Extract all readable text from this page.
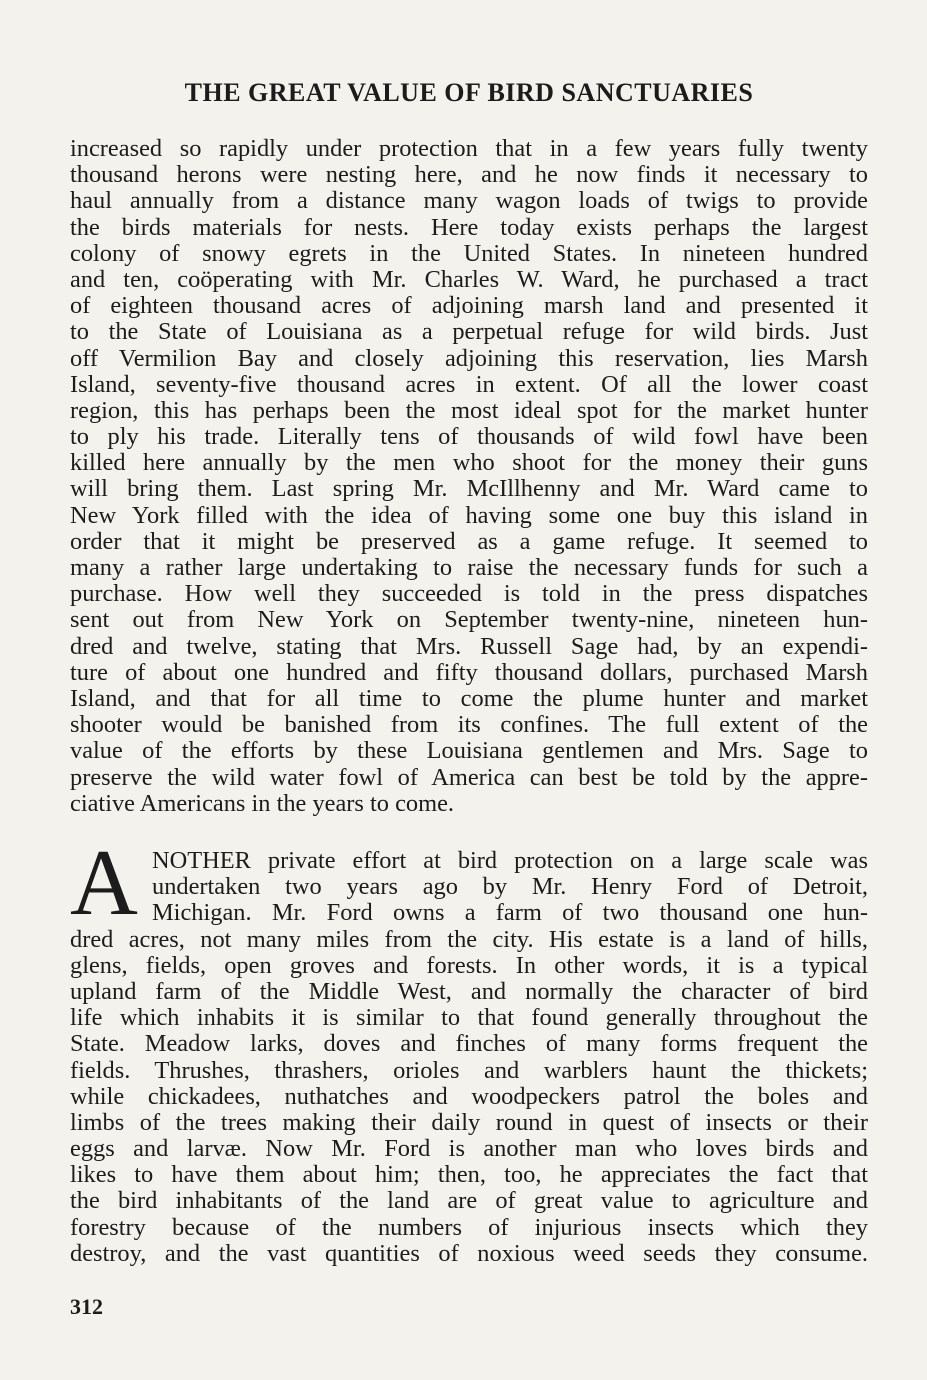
THE GREAT VALUE OF BIRD SANCTUARIES
increased so rapidly under protection that in a few years fully twenty
thousand herons were nesting here, and he now finds it necessary to
haul annually from a distance many wagon loads of twigs to provide
the birds materials for nests. Here today exists perhaps the largest
colony of snowy egrets in the United States. In nineteen hundred
and ten, coöperating with Mr. Charles W. Ward, he purchased a tract
of eighteen thousand acres of adjoining marsh land and presented it
to the State of Louisiana as a perpetual refuge for wild birds. Just
off Vermilion Bay and closely adjoining this reservation, lies Marsh
Island, seventy-five thousand acres in extent. Of all the lower coast
region, this has perhaps been the most ideal spot for the market hunter
to ply his trade. Literally tens of thousands of wild fowl have been
killed here annually by the men who shoot for the money their guns
will bring them. Last spring Mr. McIllhenny and Mr. Ward came to
New York filled with the idea of having some one buy this island in
order that it might be preserved as a game refuge. It seemed to
many a rather large undertaking to raise the necessary funds for such a
purchase. How well they succeeded is told in the press dispatches
sent out from New York on September twenty-nine, nineteen hun-
dred and twelve, stating that Mrs. Russell Sage had, by an expendi-
ture of about one hundred and fifty thousand dollars, purchased Marsh
Island, and that for all time to come the plume hunter and market
shooter would be banished from its confines. The full extent of the
value of the efforts by these Louisiana gentlemen and Mrs. Sage to
preserve the wild water fowl of America can best be told by the appre-
ciative Americans in the years to come.
A NOTHER private effort at bird protection on a large scale was
undertaken two years ago by Mr. Henry Ford of Detroit,
Michigan. Mr. Ford owns a farm of two thousand one hun-
dred acres, not many miles from the city. His estate is a land of hills,
glens, fields, open groves and forests. In other words, it is a typical
upland farm of the Middle West, and normally the character of bird
life which inhabits it is similar to that found generally throughout the
State. Meadow larks, doves and finches of many forms frequent the
fields. Thrushes, thrashers, orioles and warblers haunt the thickets;
while chickadees, nuthatches and woodpeckers patrol the boles and
limbs of the trees making their daily round in quest of insects or their
eggs and larvæ. Now Mr. Ford is another man who loves birds and
likes to have them about him; then, too, he appreciates the fact that
the bird inhabitants of the land are of great value to agriculture and
forestry because of the numbers of injurious insects which they
destroy, and the vast quantities of noxious weed seeds they consume.
312
